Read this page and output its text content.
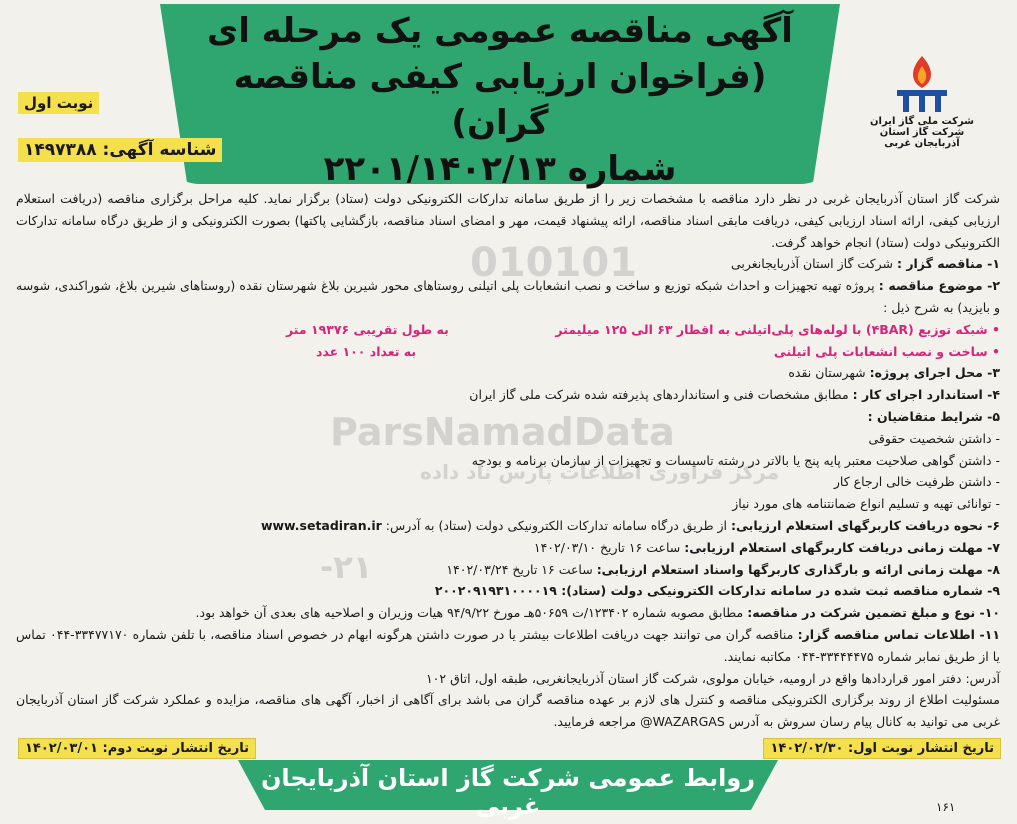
آگهی مناقصه عمومی یک مرحله ای
(فراخوان ارزیابی کیفی مناقصه گران)
شماره ۲۲۰۱/۱۴۰۲/۱۳
شرکت ملی گاز ایران
شرکت گاز استان آذربایجان غربی
نوبت اول
شناسه آگهی: ۱۴۹۷۳۸۸
010101
ParsNamadData
مرکز فراوری اطلاعات پارس ناد داده
-۲۱

شرکت گاز استان آذربایجان غربی در نظر دارد مناقصه با مشخصات زیر را از طریق سامانه تدارکات الکترونیکی دولت (ستاد) برگزار نماید. کلیه مراحل برگزاری مناقصه (دریافت استعلام ارزیابی کیفی، ارائه اسناد ارزیابی کیفی، دریافت مابقی اسناد مناقصه، ارائه پیشنهاد قیمت، مهر و امضای اسناد مناقصه، بازگشایی پاکتها) بصورت الکترونیکی و از طریق درگاه سامانه تدارکات الکترونیکی دولت (ستاد) انجام خواهد گرفت.

۱- مناقصه گزار : شرکت گاز استان آذربایجانغربی

۲- موضوع مناقصه : پروژه تهیه تجهیزات و احداث شبکه توزیع و ساخت و نصب انشعابات پلی اتیلنی روستاهای محور شیرین بلاغ شهرستان نقده (روستاهای شیرین بلاغ، شوراکندی، شوسه و بایزید) به شرح ذیل :

• شبکه توزیع (۴BAR) با لوله‌های پلی‌اتیلنی به اقطار ۶۳ الی ۱۲۵ میلیمتر
به طول تقریبی ۱۹۳۷۶ متر

• ساخت و نصب انشعابات پلی اتیلنی
به تعداد ۱۰۰ عدد

۳- محل اجرای پروژه: شهرستان نقده

۴- استاندارد اجرای کار : مطابق مشخصات فنی و استانداردهای پذیرفته شده شرکت ملی گاز ایران

۵- شرایط متقاضیان :

- داشتن شخصیت حقوقی

- داشتن گواهی صلاحیت معتبر پایه پنج یا بالاتر در رشته تاسیسات و تجهیزات از سازمان برنامه و بودجه

- داشتن ظرفیت خالی ارجاع کار

- توانائی تهیه و تسلیم انواع ضمانتنامه های مورد نیاز

۶- نحوه دریافت کاربرگهای استعلام ارزیابی: از طریق درگاه سامانه تدارکات الکترونیکی دولت (ستاد) به آدرس: www.setadiran.ir

۷- مهلت زمانی دریافت کاربرگهای استعلام ارزیابی: ساعت ۱۶ تاریخ ۱۴۰۲/۰۳/۱۰

۸- مهلت زمانی ارائه و بارگذاری کاربرگها واسناد استعلام ارزیابی: ساعت ۱۶ تاریخ ۱۴۰۲/۰۳/۲۴

۹- شماره مناقصه ثبت شده در سامانه تدارکات الکترونیکی دولت (ستاد): ۲۰۰۲۰۹۱۹۳۱۰۰۰۰۱۹

۱۰- نوع و مبلغ تضمین شرکت در مناقصه: مطابق مصوبه شماره ۱۲۳۴۰۲/ت ۵۰۶۵۹هـ مورخ ۹۴/۹/۲۲ هیات وزیران و اصلاحیه های بعدی آن خواهد بود.

۱۱- اطلاعات تماس مناقصه گزار: مناقصه گران می توانند جهت دریافت اطلاعات بیشتر یا در صورت داشتن هرگونه ابهام در خصوص اسناد مناقصه، با تلفن شماره ۳۳۴۷۷۱۷۰-۰۴۴ تماس یا از طریق نمابر شماره ۳۳۴۴۴۴۷۵-۰۴۴ مکاتبه نمایند.

آدرس: دفتر امور قراردادها واقع در ارومیه، خیابان مولوی، شرکت گاز استان آذربایجانغربی، طبقه اول، اتاق ۱۰۲

مسئولیت اطلاع از روند برگزاری الکترونیکی مناقصه و کنترل های لازم بر عهده مناقصه گران می باشد برای آگاهی از اخبار، آگهی های مناقصه، مزایده و عملکرد شرکت گاز استان آذربایجان غربی می توانید به کانال پیام رسان سروش به آدرس WAZARGAS@ مراجعه فرمایید.

تاریخ انتشار نوبت اول: ۱۴۰۲/۰۲/۳۰
تاریخ انتشار نوبت دوم: ۱۴۰۲/۰۳/۰۱
روابط عمومی شرکت گاز استان آذربایجان غربی	۱۶۱
